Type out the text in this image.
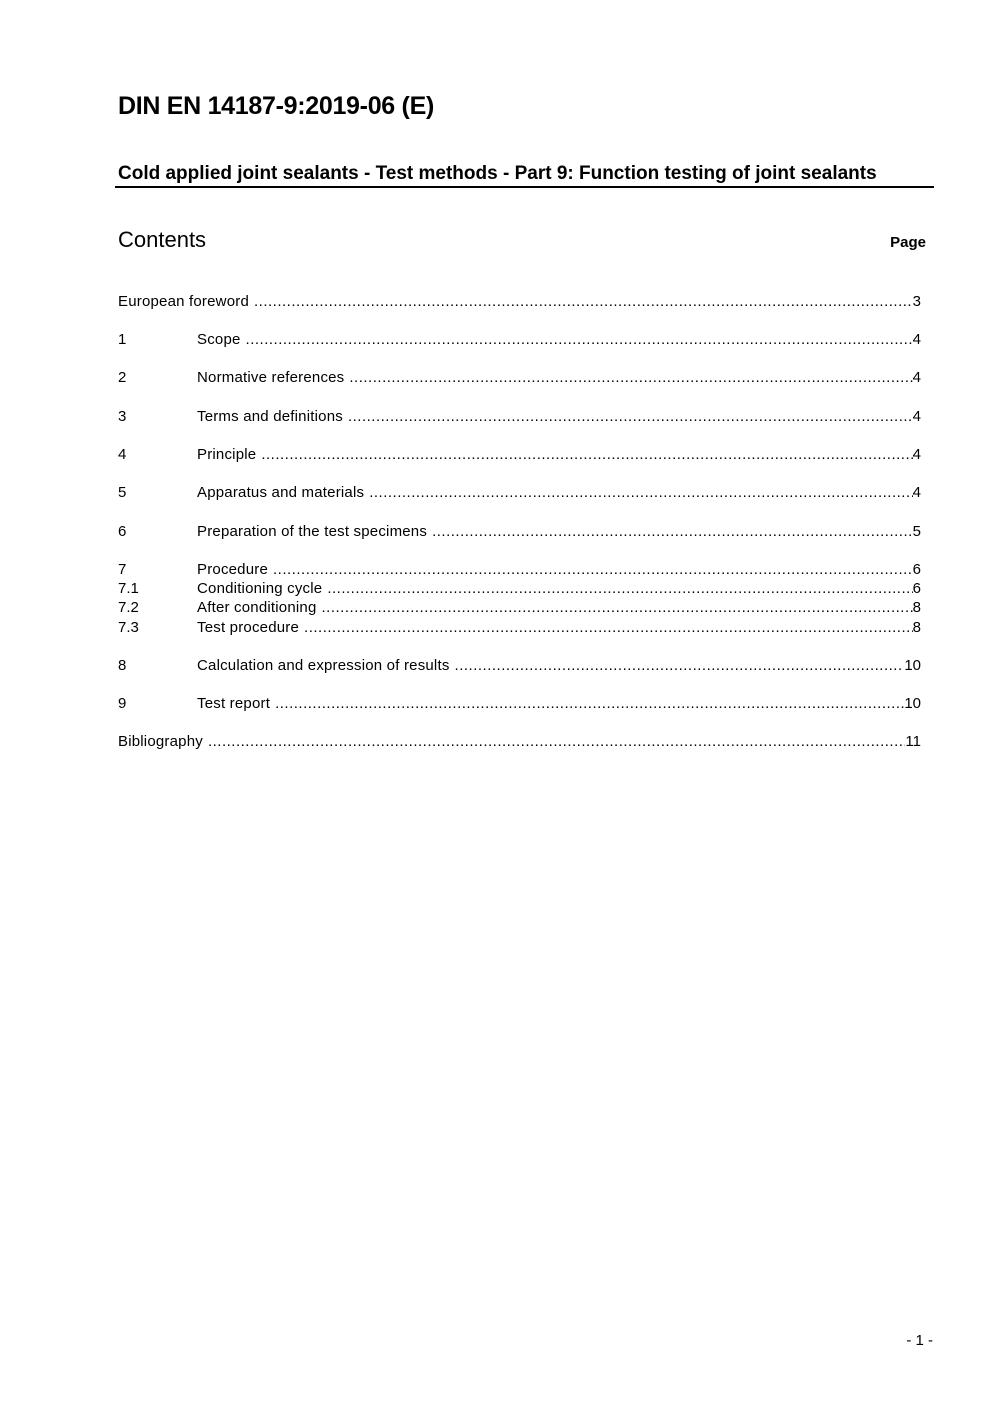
DIN EN 14187-9:2019-06 (E)
Cold applied joint sealants - Test methods - Part 9: Function testing of joint sealants
Contents	Page
European foreword .....	3
1	Scope .....	4
2	Normative references .....	4
3	Terms and definitions .....	4
4	Principle .....	4
5	Apparatus and materials .....	4
6	Preparation of the test specimens .....	5
7	Procedure .....	6
7.1	Conditioning cycle .....	6
7.2	After conditioning .....	8
7.3	Test procedure .....	8
8	Calculation and expression of results .....	10
9	Test report .....	10
Bibliography .....	11
- 1 -
